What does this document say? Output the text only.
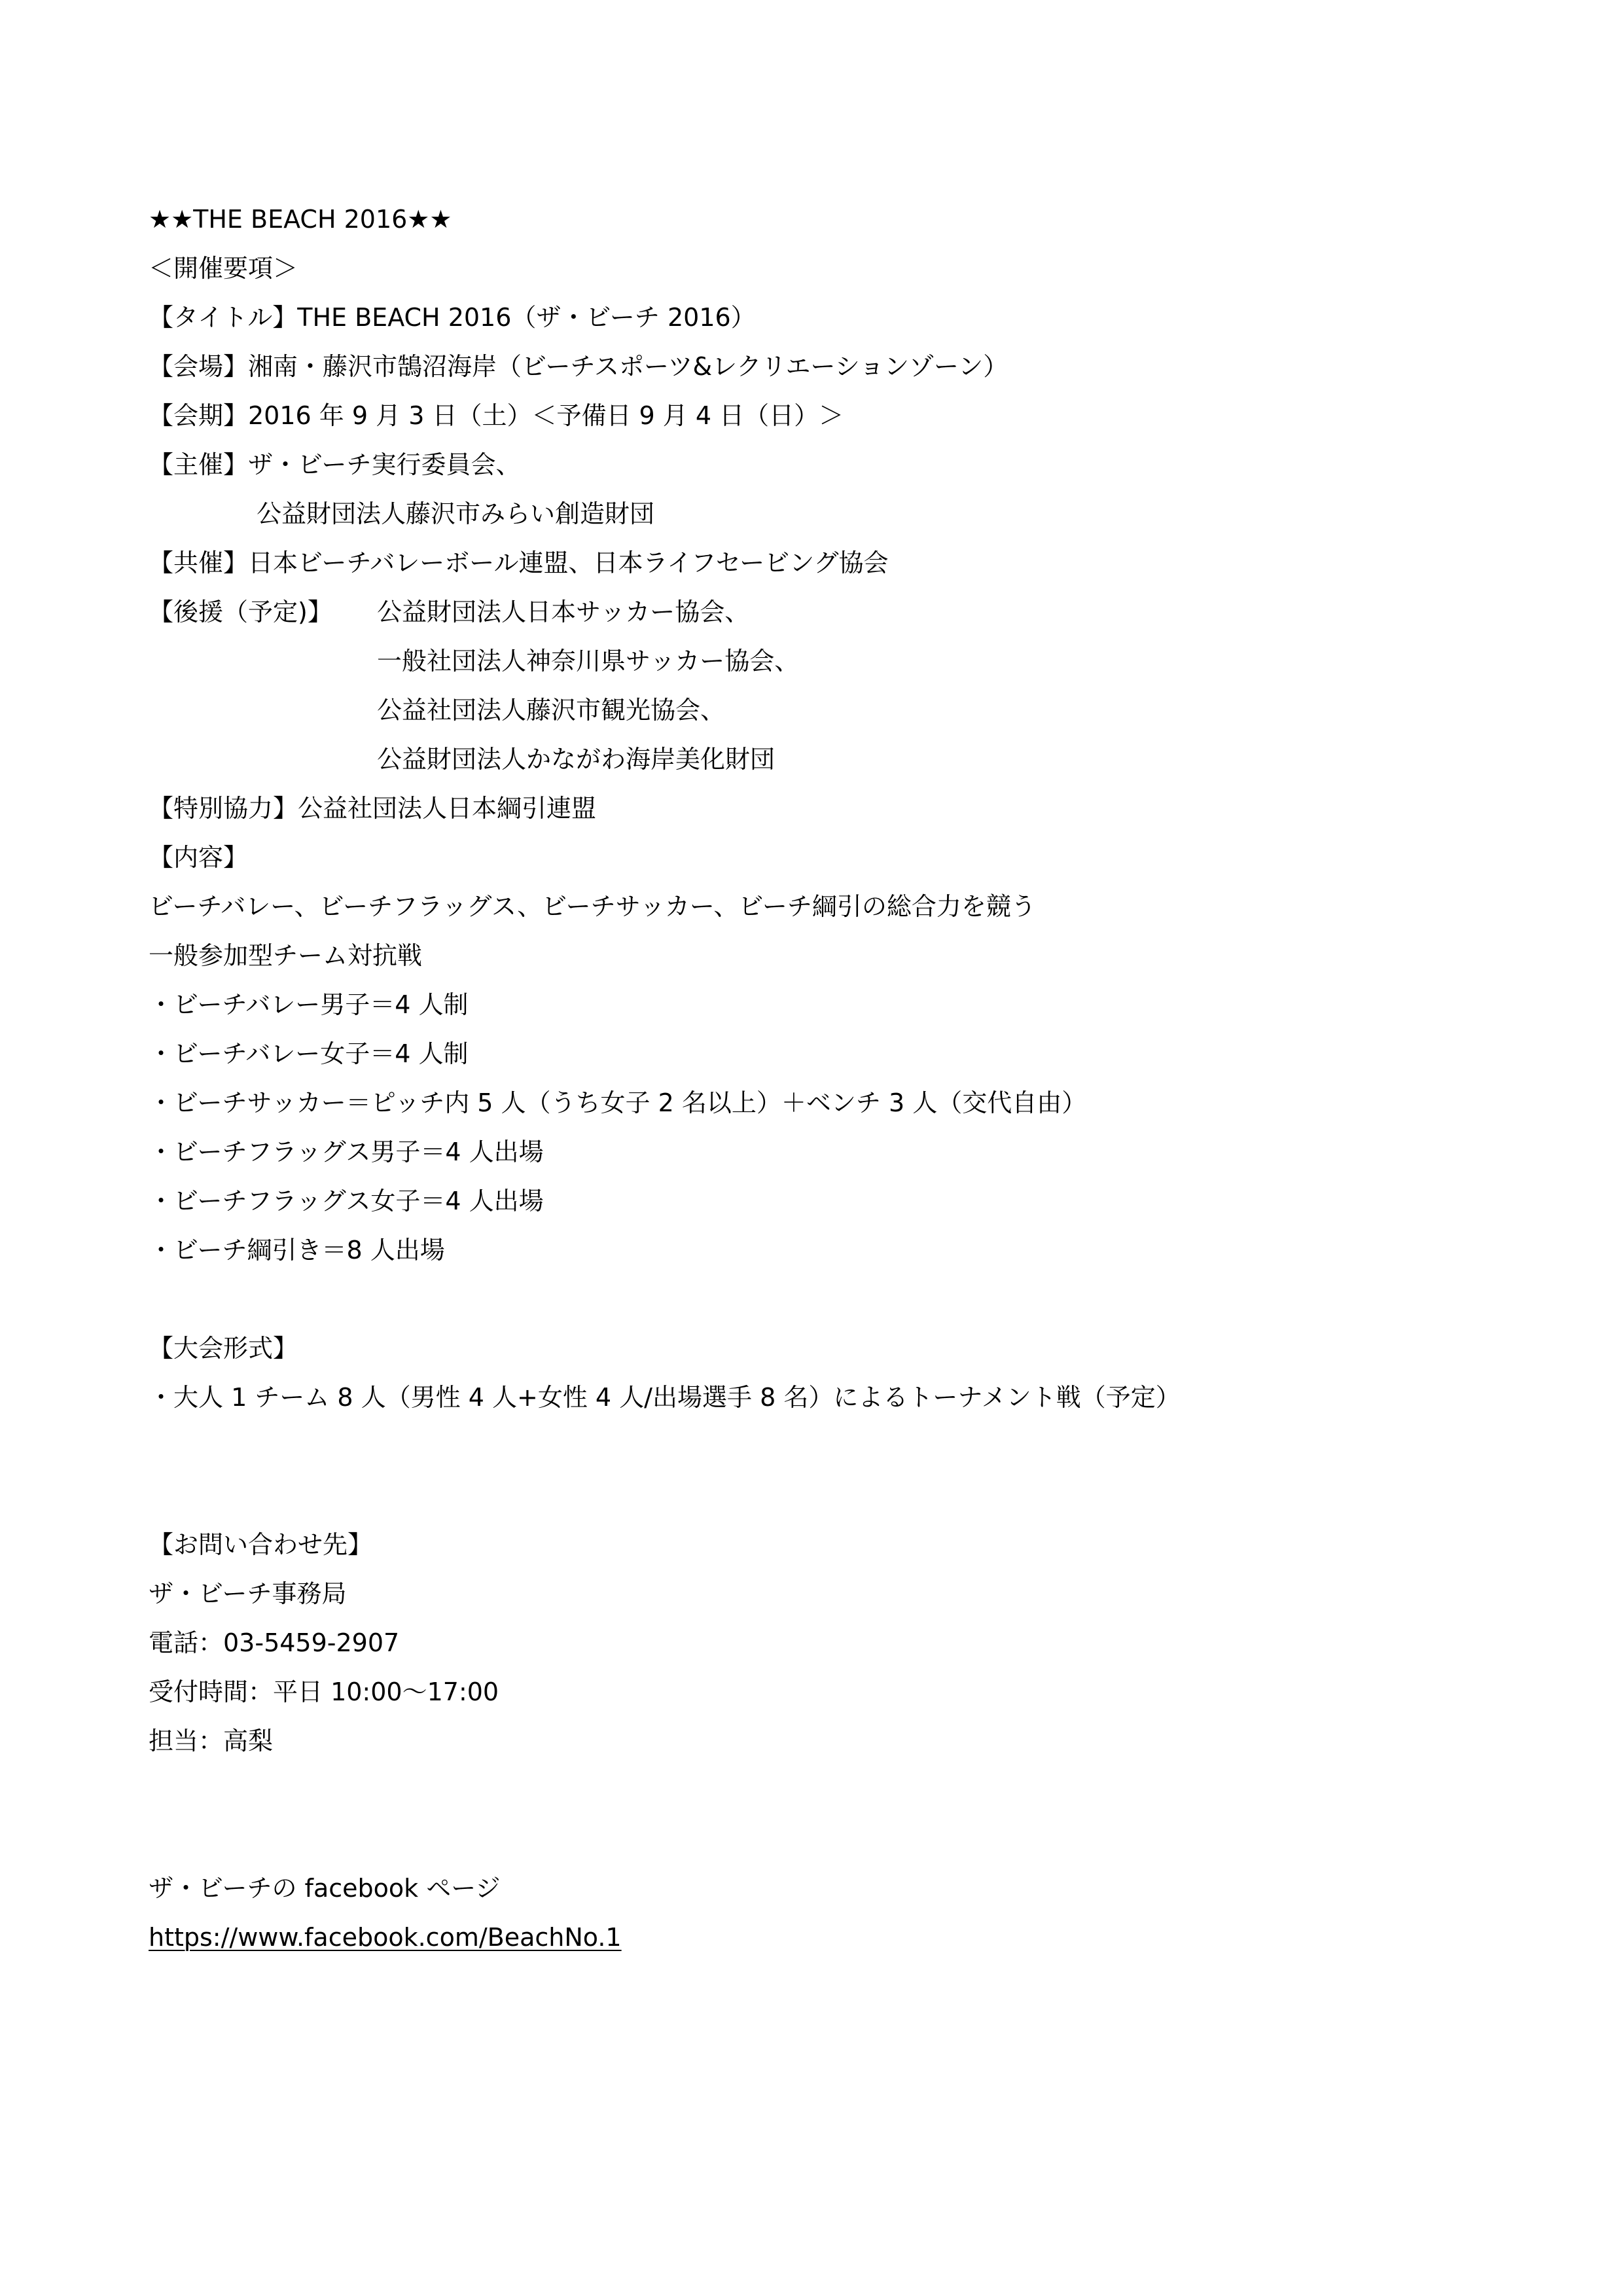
★★THE BEACH 2016★★
＜開催要項＞
【タイトル】THE BEACH 2016（ザ・ビーチ 2016）
【会場】湘南・藤沢市鵠沼海岸（ビーチスポーツ&レクリエーションゾーン）
【会期】2016 年 9 月 3 日（土）＜予備日 9 月 4 日（日）＞
【主催】ザ・ビーチ実行委員会、
公益財団法人藤沢市みらい創造財団
【共催】日本ビーチバレーボール連盟、日本ライフセービング協会
【後援（予定)】 公益財団法人日本サッカー協会、
一般社団法人神奈川県サッカー協会、
公益社団法人藤沢市観光協会、
公益財団法人かながわ海岸美化財団
【特別協力】公益社団法人日本綱引連盟
【内容】
ビーチバレー、ビーチフラッグス、ビーチサッカー、ビーチ綱引の総合力を競う
一般参加型チーム対抗戦
・ビーチバレー男子＝4 人制
・ビーチバレー女子＝4 人制
・ビーチサッカー＝ピッチ内 5 人（うち女子 2 名以上）＋ベンチ 3 人（交代自由）
・ビーチフラッグス男子＝4 人出場
・ビーチフラッグス女子＝4 人出場
・ビーチ綱引き＝8 人出場
【大会形式】
・大人 1 チーム 8 人（男性 4 人+女性 4 人/出場選手 8 名）によるトーナメント戦（予定）
【お問い合わせ先】
ザ・ビーチ事務局
電話：03-5459-2907
受付時間：平日 10:00～17:00
担当：高梨
ザ・ビーチの facebook ページ
https://www.facebook.com/BeachNo.1
